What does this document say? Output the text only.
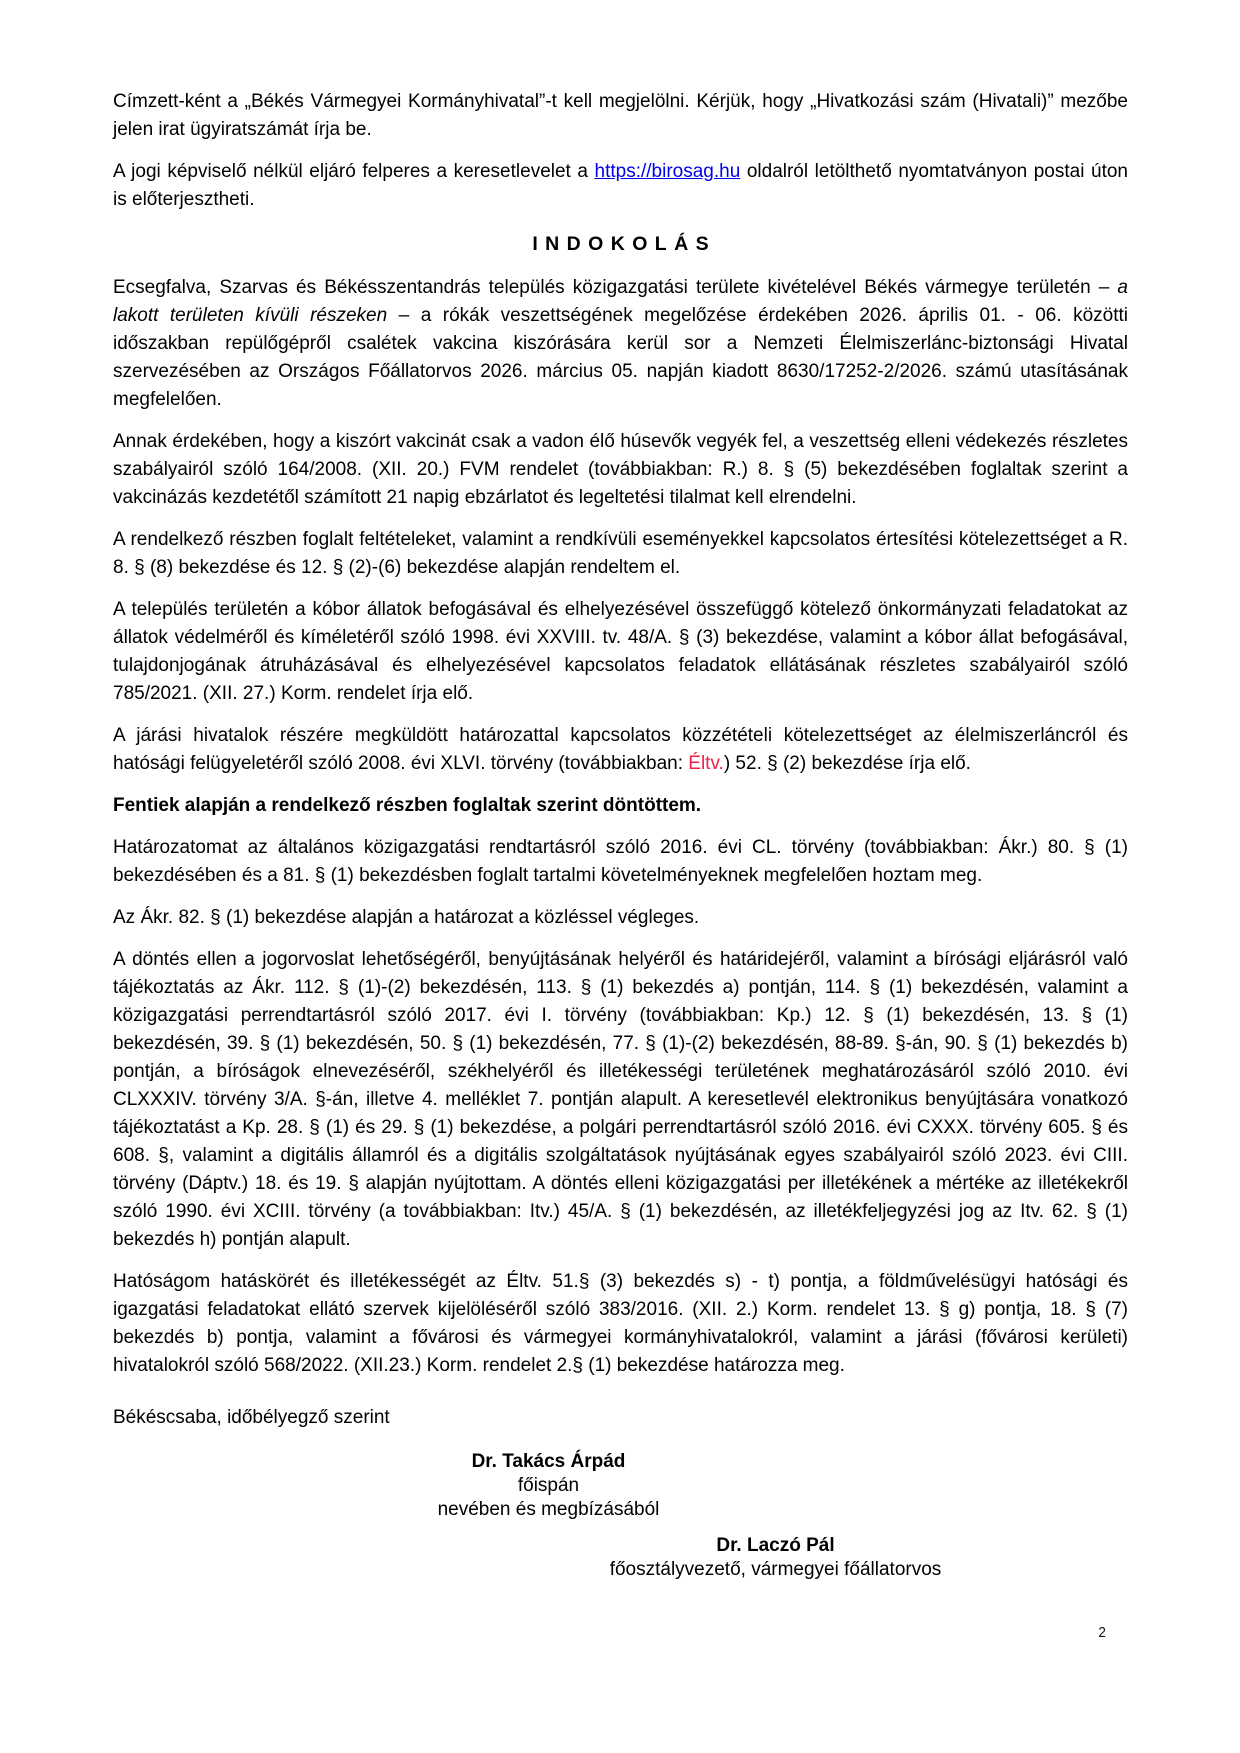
Címzett-ként a „Békés Vármegyei Kormányhivatal”-t kell megjelölni. Kérjük, hogy „Hivatkozási szám (Hivatali)” mezőbe jelen irat ügyiratszámát írja be.

A jogi képviselő nélkül eljáró felperes a keresetlevelet a https://birosag.hu oldalról letölthető nyomtatványon postai úton is előterjesztheti.

INDOKOLÁS

Ecsegfalva, Szarvas és Békésszentandrás település közigazgatási területe kivételével Békés vármegye területén – a lakott területen kívüli részeken – a rókák veszettségének megelőzése érdekében 2026. április 01. - 06. közötti időszakban repülőgépről csalétek vakcina kiszórására kerül sor a Nemzeti Élelmiszerlánc-biztonsági Hivatal szervezésében az Országos Főállatorvos 2026. március 05. napján kiadott 8630/17252-2/2026. számú utasításának megfelelően.

Annak érdekében, hogy a kiszórt vakcinát csak a vadon élő húsevők vegyék fel, a veszettség elleni védekezés részletes szabályairól szóló 164/2008. (XII. 20.) FVM rendelet (továbbiakban: R.) 8. § (5) bekezdésében foglaltak szerint a vakcinázás kezdetétől számított 21 napig ebzárlatot és legeltetési tilalmat kell elrendelni.

A rendelkező részben foglalt feltételeket, valamint a rendkívüli eseményekkel kapcsolatos értesítési kötelezettséget a R. 8. § (8) bekezdése és 12. § (2)-(6) bekezdése alapján rendeltem el.

A település területén a kóbor állatok befogásával és elhelyezésével összefüggő kötelező önkormányzati feladatokat az állatok védelméről és kíméletéről szóló 1998. évi XXVIII. tv. 48/A. § (3) bekezdése, valamint a kóbor állat befogásával, tulajdonjogának átruházásával és elhelyezésével kapcsolatos feladatok ellátásának részletes szabályairól szóló 785/2021. (XII. 27.) Korm. rendelet írja elő.

A járási hivatalok részére megküldött határozattal kapcsolatos közzétételi kötelezettséget az élelmiszerláncról és hatósági felügyeletéről szóló 2008. évi XLVI. törvény (továbbiakban: Éltv.) 52. § (2) bekezdése írja elő.

Fentiek alapján a rendelkező részben foglaltak szerint döntöttem.

Határozatomat az általános közigazgatási rendtartásról szóló 2016. évi CL. törvény (továbbiakban: Ákr.) 80. § (1) bekezdésében és a 81. § (1) bekezdésben foglalt tartalmi követelményeknek megfelelően hoztam meg.

Az Ákr. 82. § (1) bekezdése alapján a határozat a közléssel végleges.

A döntés ellen a jogorvoslat lehetőségéről, benyújtásának helyéről és határidejéről, valamint a bírósági eljárásról való tájékoztatás az Ákr. 112. § (1)-(2) bekezdésén, 113. § (1) bekezdés a) pontján, 114. § (1) bekezdésén, valamint a közigazgatási perrendtartásról szóló 2017. évi I. törvény (továbbiakban: Kp.) 12. § (1) bekezdésén, 13. § (1) bekezdésén, 39. § (1) bekezdésén, 50. § (1) bekezdésén, 77. § (1)-(2) bekezdésén, 88-89. §-án, 90. § (1) bekezdés b) pontján, a bíróságok elnevezéséről, székhelyéről és illetékességi területének meghatározásáról szóló 2010. évi CLXXXIV. törvény 3/A. §-án, illetve 4. melléklet 7. pontján alapult. A keresetlevél elektronikus benyújtására vonatkozó tájékoztatást a Kp. 28. § (1) és 29. § (1) bekezdése, a polgári perrendtartásról szóló 2016. évi CXXX. törvény 605. § és 608. §, valamint a digitális államról és a digitális szolgáltatások nyújtásának egyes szabályairól szóló 2023. évi CIII. törvény (Dáptv.) 18. és 19. § alapján nyújtottam. A döntés elleni közigazgatási per illetékének a mértéke az illetékekről szóló 1990. évi XCIII. törvény (a továbbiakban: Itv.) 45/A. § (1) bekezdésén, az illetékfeljegyzési jog az Itv. 62. § (1) bekezdés h) pontján alapult.

Hatóságom hatáskörét és illetékességét az Éltv. 51.§ (3) bekezdés s) - t) pontja, a földművelésügyi hatósági és igazgatási feladatokat ellátó szervek kijelöléséről szóló 383/2016. (XII. 2.) Korm. rendelet 13. § g) pontja, 18. § (7) bekezdés b) pontja, valamint a fővárosi és vármegyei kormányhivatalokról, valamint a járási (fővárosi kerületi) hivatalokról szóló 568/2022. (XII.23.) Korm. rendelet 2.§ (1) bekezdése határozza meg.

Békéscsaba, időbélyegző szerint

Dr. Takács Árpád
főispán
nevében és megbízásából
Dr. Laczó Pál
főosztályvezető, vármegyei főállatorvos
2
